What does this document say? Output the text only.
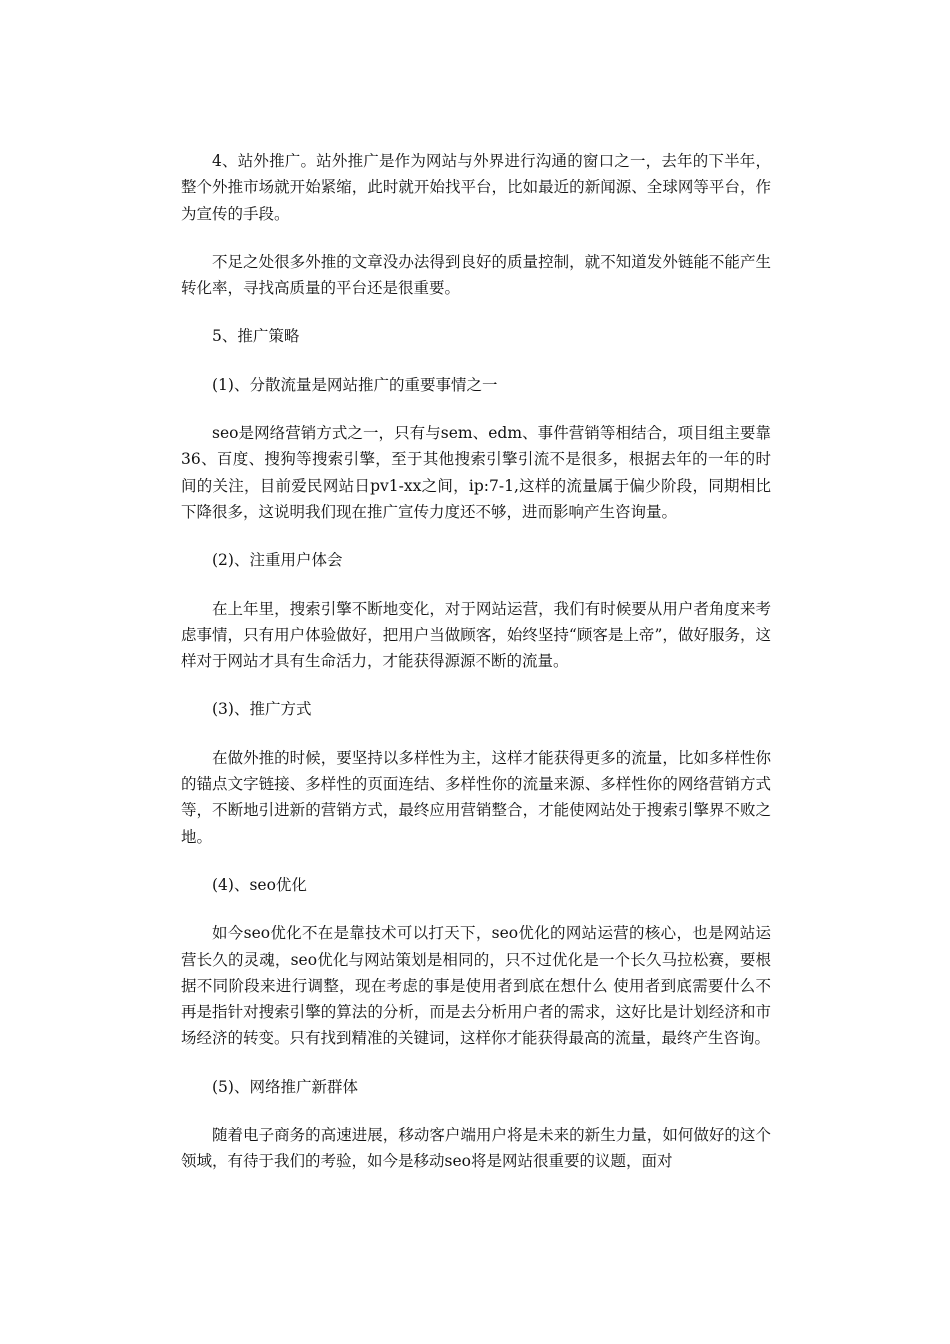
4、站外推广。站外推广是作为网站与外界进行沟通的窗口之一，去年的下半年，整个外推市场就开始紧缩，此时就开始找平台，比如最近的新闻源、全球网等平台，作为宣传的手段。

不足之处很多外推的文章没办法得到良好的质量控制，就不知道发外链能不能产生转化率，寻找高质量的平台还是很重要。

5、推广策略

(1)、分散流量是网站推广的重要事情之一

seo是网络营销方式之一，只有与sem、edm、事件营销等相结合，项目组主要靠36、百度、搜狗等搜索引擎，至于其他搜索引擎引流不是很多，根据去年的一年的时间的关注，目前爱民网站日pv1-xx之间，ip:7-1,这样的流量属于偏少阶段，同期相比下降很多，这说明我们现在推广宣传力度还不够，进而影响产生咨询量。

(2)、注重用户体会

在上年里，搜索引擎不断地变化，对于网站运营，我们有时候要从用户者角度来考虑事情，只有用户体验做好，把用户当做顾客，始终坚持“顾客是上帝”，做好服务，这样对于网站才具有生命活力，才能获得源源不断的流量。

(3)、推广方式

在做外推的时候，要坚持以多样性为主，这样才能获得更多的流量，比如多样性你的锚点文字链接、多样性的页面连结、多样性你的流量来源、多样性你的网络营销方式等，不断地引进新的营销方式，最终应用营销整合，才能使网站处于搜索引擎界不败之地。

(4)、seo优化

如今seo优化不在是靠技术可以打天下，seo优化的网站运营的核心，也是网站运营长久的灵魂，seo优化与网站策划是相同的，只不过优化是一个长久马拉松赛，要根据不同阶段来进行调整，现在考虑的事是使用者到底在想什么 使用者到底需要什么不再是指针对搜索引擎的算法的分析，而是去分析用户者的需求，这好比是计划经济和市场经济的转变。只有找到精准的关键词，这样你才能获得最高的流量，最终产生咨询。

(5)、网络推广新群体

随着电子商务的高速进展，移动客户端用户将是未来的新生力量，如何做好的这个领域，有待于我们的考验，如今是移动seo将是网站很重要的议题，面对
